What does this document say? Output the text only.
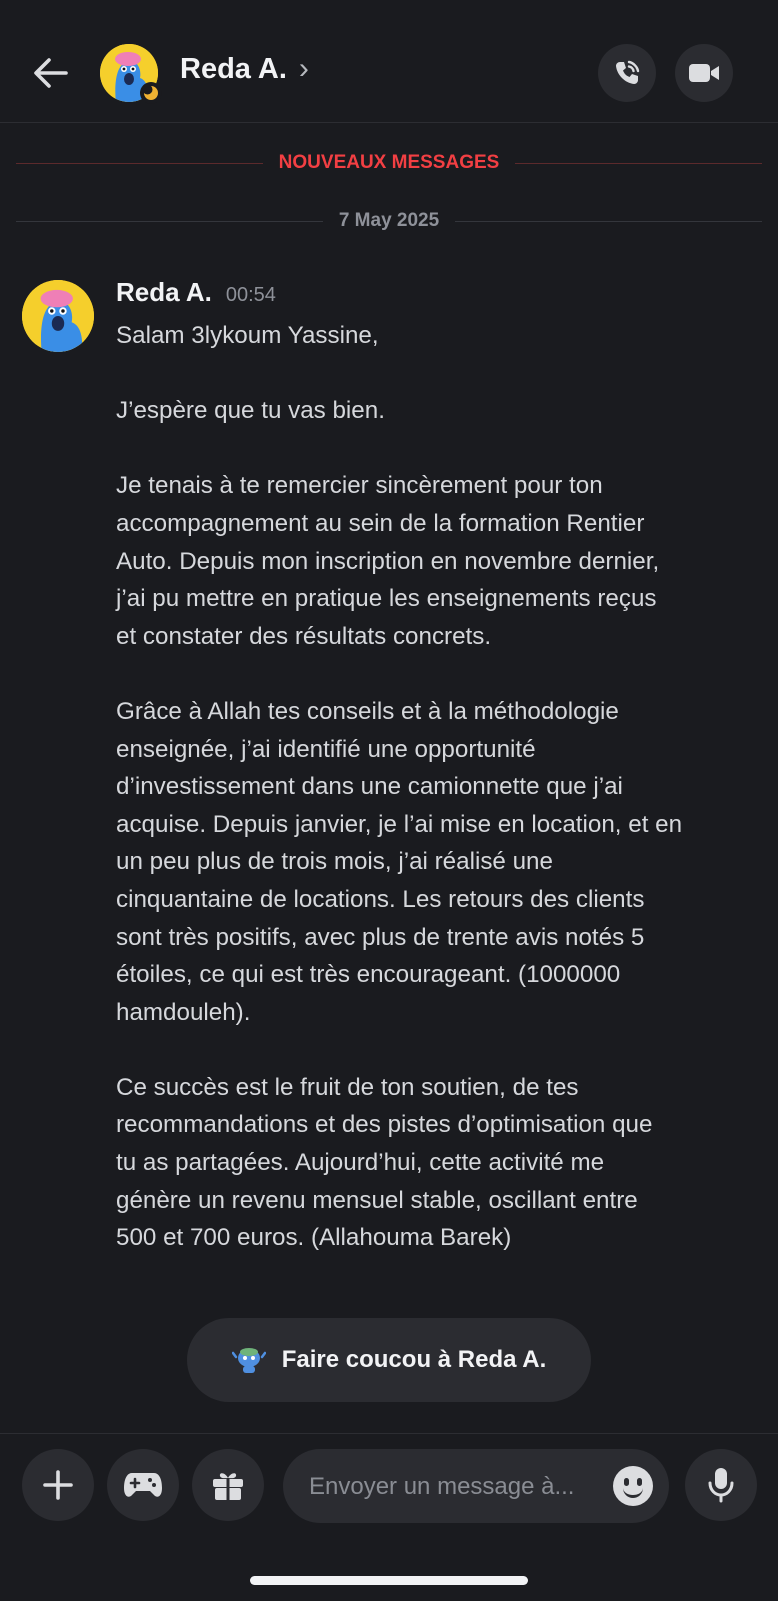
Reda A. ›
NOUVEAUX MESSAGES
7 May 2025
Reda A. 00:54

Salam 3lykoum Yassine,

J’espère que tu vas bien.

Je tenais à te remercier sincèrement pour ton
accompagnement au sein de la formation Rentier
Auto. Depuis mon inscription en novembre dernier,
j’ai pu mettre en pratique les enseignements reçus
et constater des résultats concrets.

Grâce à Allah tes conseils et à la méthodologie
enseignée, j’ai identifié une opportunité
d’investissement dans une camionnette que j’ai
acquise. Depuis janvier, je l’ai mise en location, et en
un peu plus de trois mois, j’ai réalisé une
cinquantaine de locations. Les retours des clients
sont très positifs, avec plus de trente avis notés 5
étoiles, ce qui est très encourageant. (1000000
hamdouleh).

Ce succès est le fruit de ton soutien, de tes
recommandations et des pistes d’optimisation que
tu as partagées. Aujourd’hui, cette activité me
génère un revenu mensuel stable, oscillant entre
500 et 700 euros. (Allahouma Barek)

Faire coucou à Reda A.
Envoyer un message à...
